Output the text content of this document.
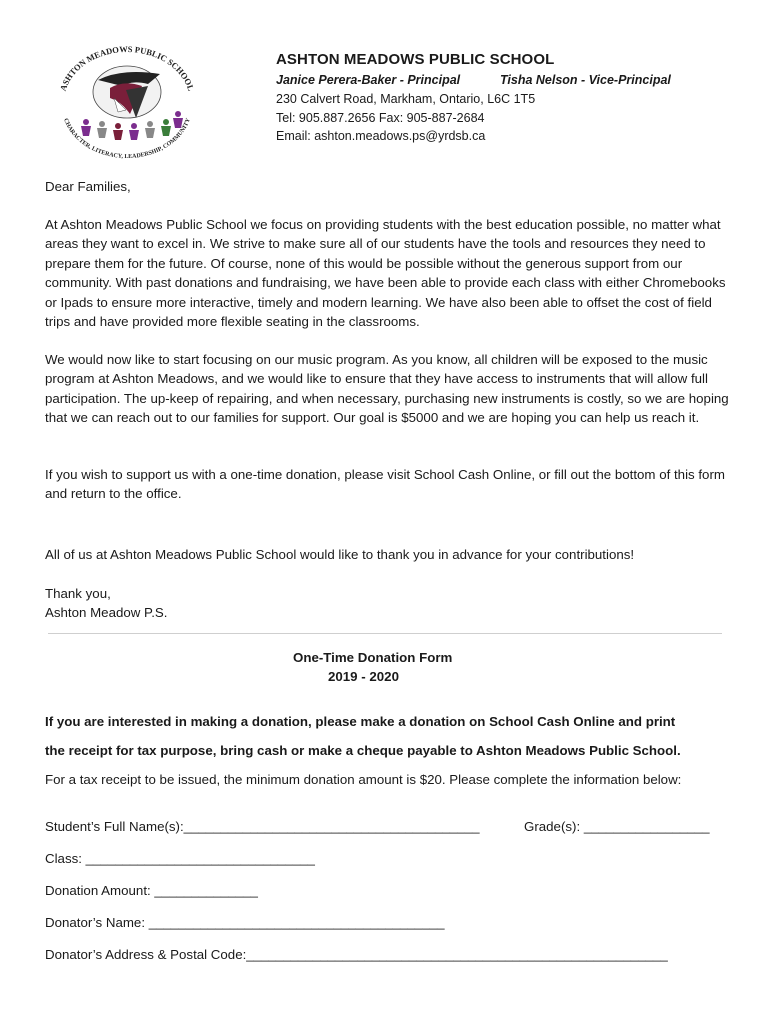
ASHTON MEADOWS PUBLIC SCHOOL
CHARACTER, LITERACY, LEADERSHIP, COMMUNITY
ASHTON MEADOWS PUBLIC SCHOOL
Janice Perera-Baker - Principal	Tisha Nelson - Vice-Principal
230 Calvert Road, Markham, Ontario, L6C 1T5
Tel: 905.887.2656 Fax: 905-887-2684
Email: ashton.meadows.ps@yrdsb.ca
Dear Families,

At Ashton Meadows Public School we focus on providing students with the best education possible, no matter what areas they want to excel in. We strive to make sure all of our students have the tools and resources they need to prepare them for the future. Of course, none of this would be possible without the generous support from our community. With past donations and fundraising, we have been able to provide each class with either Chromebooks or Ipads to ensure more interactive, timely and modern learning. We have also been able to offset the cost of field trips and have provided more flexible seating in the classrooms.

We would now like to start focusing on our music program. As you know, all children will be exposed to the music program at Ashton Meadows, and we would like to ensure that they have access to instruments that will allow full participation. The up-keep of repairing, and when necessary, purchasing new instruments is costly, so we are hoping that we can reach out to our families for support. Our goal is $5000 and we are hoping you can help us reach it.

If you wish to support us with a one-time donation, please visit School Cash Online, or fill out the bottom of this form and return to the office.

All of us at Ashton Meadows Public School would like to thank you in advance for your contributions!
Thank you,
Ashton Meadow P.S.
One-Time Donation Form
2019 - 2020
If you are interested in making a donation, please make a donation on School Cash Online and print
the receipt for tax purpose, bring cash or make a cheque payable to Ashton Meadows Public School.
For a tax receipt to be issued, the minimum donation amount is $20. Please complete the information below:
Student’s Full Name(s):________________________________________	Grade(s): _________________
Class: _______________________________
Donation Amount: ______________
Donator’s Name: ________________________________________
Donator’s Address & Postal Code:_________________________________________________________
